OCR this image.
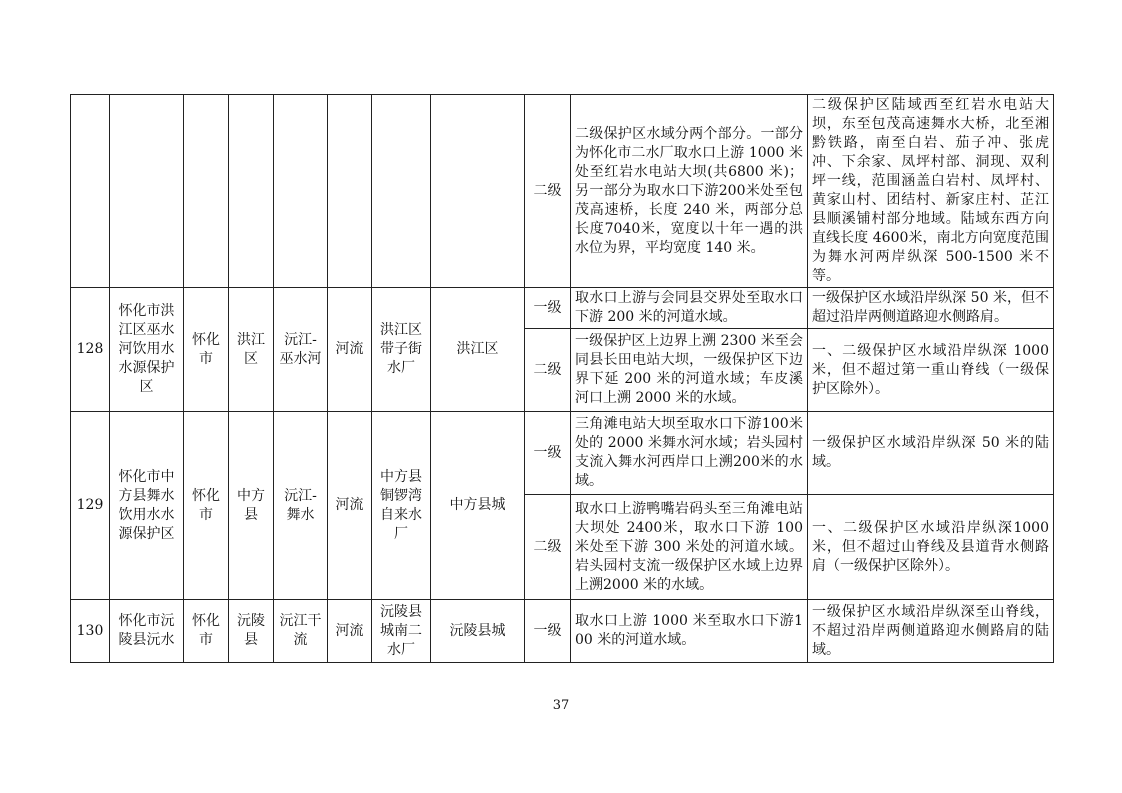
								二级	二级保护区水域分两个部分。一部分为怀化市二水厂取水口上游 1000 米处至红岩水电站大坝(共6800 米)；另一部分为取水口下游200米处至包茂高速桥，长度 240 米，两部分总长度7040米，宽度以十年一遇的洪水位为界，平均宽度 140 米。	二级保护区陆域西至红岩水电站大坝，东至包茂高速舞水大桥，北至湘黔铁路，南至白岩、茄子冲、张虎冲、下余家、凤坪村部、洞现、双利坪一线，范围涵盖白岩村、凤坪村、黄家山村、团结村、新家庄村、芷江县顺溪铺村部分地域。陆域东西方向直线长度 4600米，南北方向宽度范围为舞水河两岸纵深 500-1500 米不等。
128	怀化市洪江区巫水河饮用水水源保护区	怀化市	洪江区	沅江-巫水河	河流	洪江区带子街水厂	洪江区	一级	取水口上游与会同县交界处至取水口下游 200 米的河道水域。	一级保护区水域沿岸纵深 50 米，但不超过沿岸两侧道路迎水侧路肩。
								二级	一级保护区上边界上溯 2300 米至会同县长田电站大坝，一级保护区下边界下延 200 米的河道水域；车皮溪河口上溯 2000 米的水域。	一、二级保护区水域沿岸纵深 1000 米，但不超过第一重山脊线（一级保护区除外）。
129	怀化市中方县舞水饮用水水源保护区	怀化市	中方县	沅江-舞水	河流	中方县铜锣湾自来水厂	中方县城	一级	三角滩电站大坝至取水口下游100米处的 2000 米舞水河水域；岩头园村支流入舞水河西岸口上溯200米的水域。	一级保护区水域沿岸纵深 50 米的陆域。
								二级	取水口上游鸭嘴岩码头至三角滩电站大坝处 2400米，取水口下游 100 米处至下游 300 米处的河道水域。岩头园村支流一级保护区水域上边界上溯2000 米的水域。	一、二级保护区水域沿岸纵深1000米，但不超过山脊线及县道背水侧路肩（一级保护区除外）。
130	怀化市沅陵县沅水	怀化市	沅陵县	沅江干流	河流	沅陵县城南二水厂	沅陵县城	一级	取水口上游 1000 米至取水口下游100 米的河道水域。	一级保护区水域沿岸纵深至山脊线，不超过沿岸两侧道路迎水侧路肩的陆域。
37
